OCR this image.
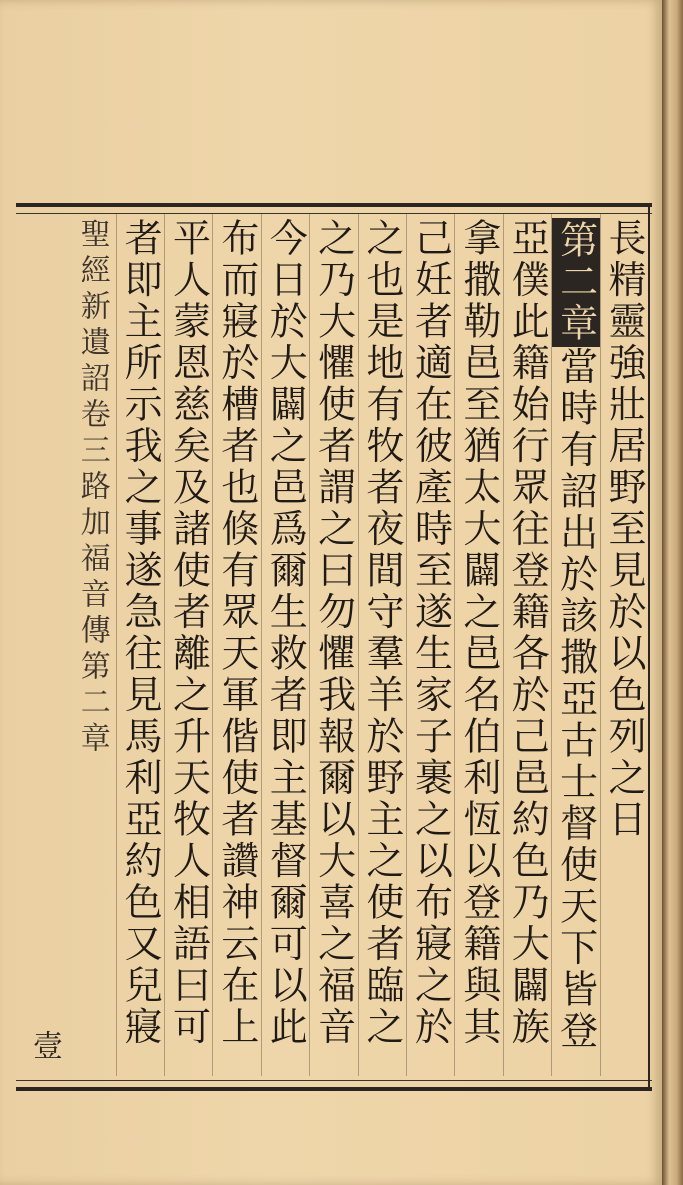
長精靈強壯居野至見於以色列之日
第二章當時有詔出於該撒亞古士督使天下皆登
亞僕此籍始行眾往登籍各於己邑約色乃大闢族
拿撒勒邑至猶太大闢之邑名伯利恆以登籍與其
己妊者適在彼產時至遂生家子裹之以布寢之於
之也是地有牧者夜間守羣羊於野主之使者臨之
之乃大懼使者謂之曰勿懼我報爾以大喜之福音
今日於大闢之邑爲爾生救者即主基督爾可以此
布而寢於槽者也倏有眾天軍偕使者讚神云在上
平人蒙恩慈矣及諸使者離之升天牧人相語曰可
者即主所示我之事遂急往見馬利亞約色又兒寢
聖經新遺詔卷三路加福音傳第二章
壹
